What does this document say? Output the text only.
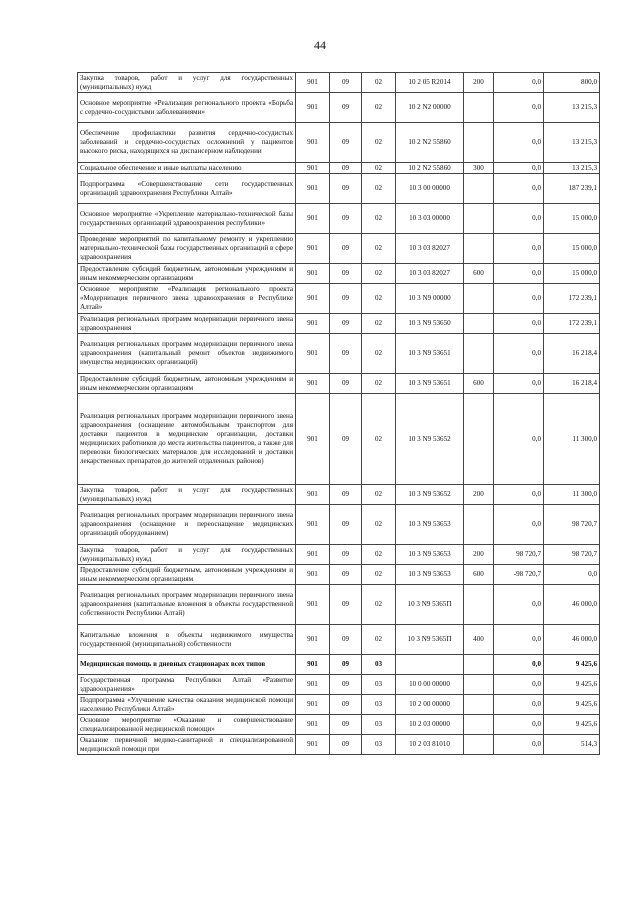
44
Закупка товаров, работ и услуг для государственных (муниципальных) нужд	901	09	02	10 2 05 R2014	200	0,0	800,0
Основное мероприятие «Реализация регионального проекта «Борьба с сердечно-сосудистыми заболеваниями»	901	09	02	10 2 N2 00000		0,0	13 215,3
Обеспечение профилактики развития сердечно-сосудистых заболеваний и сердечно-сосудистых осложнений у пациентов высокого риска, находящихся на диспансерном наблюдении	901	09	02	10 2 N2 55860		0,0	13 215,3
Социальное обеспечение и иные выплаты населению	901	09	02	10 2 N2 55860	300	0,0	13 215,3
Подпрограмма «Совершенствование сети государственных организаций здравоохранения Республики Алтай»	901	09	02	10 3 00 00000		0,0	187 239,1
Основное мероприятие «Укрепление материально-технической базы государственных организаций здравоохранения республики»	901	09	02	10 3 03 00000		0,0	15 000,0
Проведение мероприятий по капитальному ремонту и укреплению материально-технической базы государственных организаций в сфере здравоохранения	901	09	02	10 3 03 82027		0,0	15 000,0
Предоставление субсидий бюджетным, автономным учреждениям и иным некоммерческим организациям	901	09	02	10 3 03 82027	600	0,0	15 000,0
Основное мероприятие «Реализация регионального проекта «Модернизация первичного звена здравоохранения в Республике Алтай»	901	09	02	10 3 N9 00000		0,0	172 239,1
Реализация региональных программ модернизации первичного звена здравоохранения	901	09	02	10 3 N9 53650		0,0	172 239,1
Реализация региональных программ модернизации первичного звена здравоохранения (капитальный ремонт объектов недвижимого имущества медицинских организаций)	901	09	02	10 3 N9 53651		0,0	16 218,4
Предоставление субсидий бюджетным, автономным учреждениям и иным некоммерческим организациям	901	09	02	10 3 N9 53651	600	0,0	16 218,4
Реализация региональных программ модернизации первичного звена здравоохранения (оснащение автомобильным транспортом для доставки пациентов в медицинские организации, доставки медицинских работников до места жительства пациентов, а также для перевозки биологических материалов для исследований и доставки лекарственных препаратов до жителей отдаленных районов)	901	09	02	10 3 N9 53652		0,0	11 300,0
Закупка товаров, работ и услуг для государственных (муниципальных) нужд	901	09	02	10 3 N9 53652	200	0,0	11 300,0
Реализация региональных программ модернизации первичного звена здравоохранения (оснащение и переоснащение медицинских организаций оборудованием)	901	09	02	10 3 N9 53653		0,0	98 720,7
Закупка товаров, работ и услуг для государственных (муниципальных) нужд	901	09	02	10 3 N9 53653	200	98 720,7	98 720,7
Предоставление субсидий бюджетным, автономным учреждениям и иным некоммерческим организациям	901	09	02	10 3 N9 53653	600	-98 720,7	0,0
Реализация региональных программ модернизации первичного звена здравоохранения (капитальные вложения в объекты государственной собственности Республики Алтай)	901	09	02	10 3 N9 5365П		0,0	46 000,0
Капитальные вложения в объекты недвижимого имущества государственной (муниципальной) собственности	901	09	02	10 3 N9 5365П	400	0,0	46 000,0
Медицинская помощь в дневных стационарах всех типов	901	09	03			0,0	9 425,6
Государственная программа Республики Алтай «Развитие здравоохранения»	901	09	03	10 0 00 00000		0,0	9 425,6
Подпрограмма «Улучшение качества оказания медицинской помощи населению Республики Алтай»	901	09	03	10 2 00 00000		0,0	9 425,6
Основное мероприятие «Оказание и совершенствование специализированной медицинской помощи»	901	09	03	10 2 03 00000		0,0	9 425,6
Оказание первичной медико-санитарной и специализированной медицинской помощи при	901	09	03	10 2 03 81010		0,0	514,3
